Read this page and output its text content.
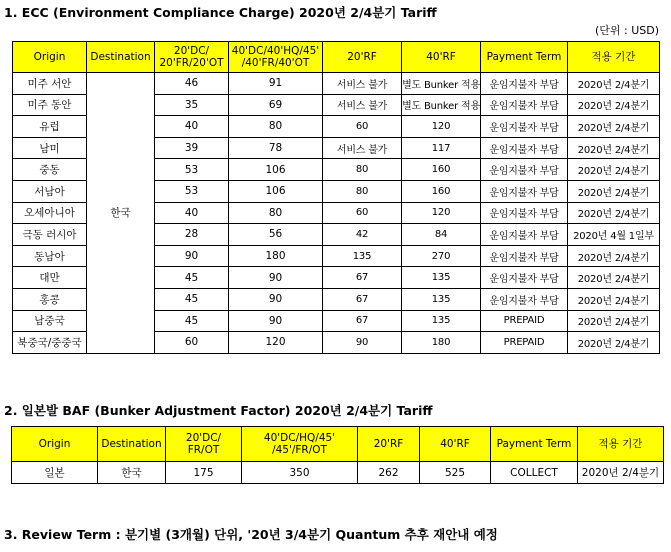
1. ECC (Environment Compliance Charge) 2020년 2/4분기 Tariff
(단위 : USD)
Origin	Destination	20'DC/
20'FR/20'OT	40'DC/40'HQ/45'
/40'FR/40'OT	20'RF	40'RF	Payment Term	적용 기간
미주 서안	한국	46	91	서비스 불가	별도 Bunker 적용	운임지불자 부담	2020년 2/4분기
미주 동안		35	69	서비스 불가	별도 Bunker 적용	운임지불자 부담	2020년 2/4분기
유럽		40	80	60	120	운임지불자 부담	2020년 2/4분기
남미		39	78	서비스 불가	117	운임지불자 부담	2020년 2/4분기
중동		53	106	80	160	운임지불자 부담	2020년 2/4분기
서남아		53	106	80	160	운임지불자 부담	2020년 2/4분기
오세아니아		40	80	60	120	운임지불자 부담	2020년 2/4분기
극동 러시아		28	56	42	84	운임지불자 부담	2020년 4월 1일부
동남아		90	180	135	270	운임지불자 부담	2020년 2/4분기
대만		45	90	67	135	운임지불자 부담	2020년 2/4분기
홍콩		45	90	67	135	운임지불자 부담	2020년 2/4분기
남중국		45	90	67	135	PREPAID	2020년 2/4분기
북중국/중중국		60	120	90	180	PREPAID	2020년 2/4분기
2. 일본발 BAF (Bunker Adjustment Factor) 2020년 2/4분기 Tariff
Origin	Destination	20'DC/
FR/OT	40'DC/HQ/45'
/45'/FR/OT	20'RF	40'RF	Payment Term	적용 기간
일본	한국	175	350	262	525	COLLECT	2020년 2/4분기
3. Review Term : 분기별 (3개월) 단위, '20년 3/4분기 Quantum 추후 재안내 예정
